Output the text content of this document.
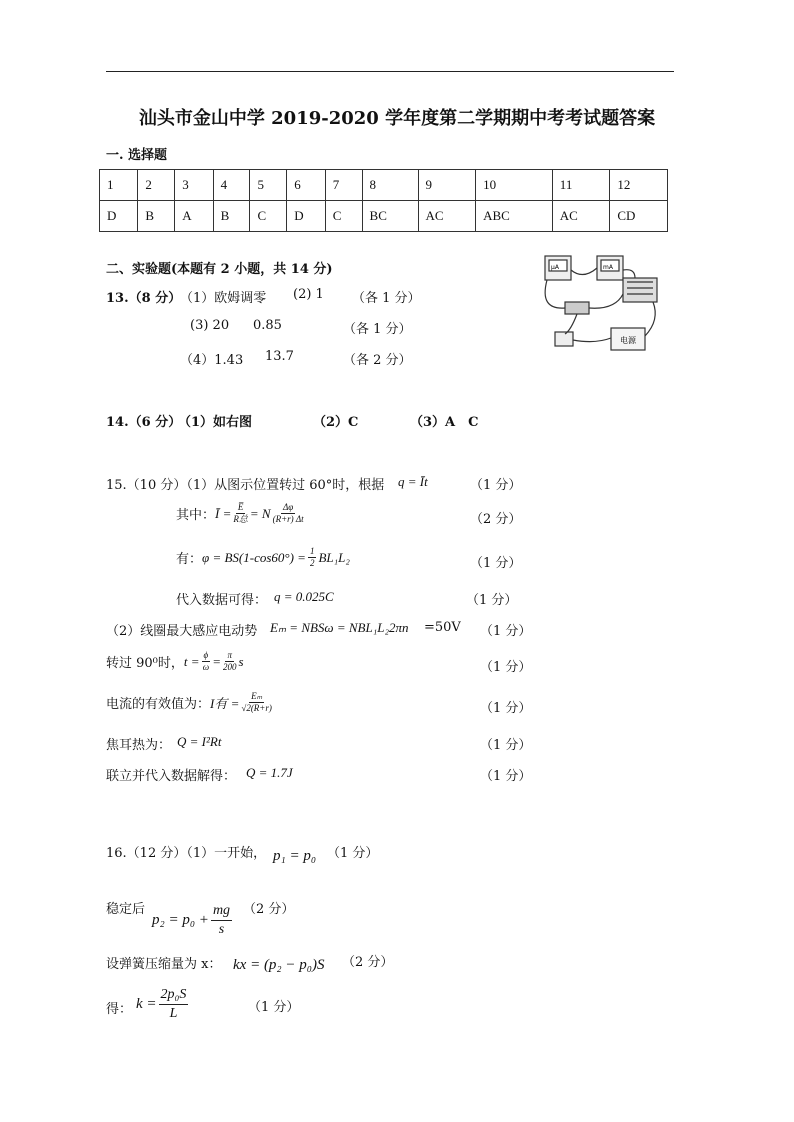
汕头市金山中学 2019-2020 学年度第二学期期中考考试题答案
一. 选择题
1	2	3	4	5	6	7	8	9	10	11	12
D	B	A	B	C	D	C	BC	AC	ABC	AC	CD
二、实验题(本题有 2 小题，共 14 分)
13.（8 分）
（1）欧姆调零 (2) 1 （各 1 分）
(3) 20 0.85	（各 1 分）
（4）1.43 13.7	（各 2 分）
μA	mA
电源
14.（6 分）
（1）如右图	（2）C	（3）A　C
15.（10 分）（1）从图示位置转过 60°时，根据 q = Īt	（1 分）
其中： Ī = $\frac{E̅}{\text{R总}} = N \frac{\Delta\varphi}{(R+r) \Delta t}$	（2 分）
有： $\varphi = BS(1-\cos 60^\circ) = \frac{1}{2} BL_1L_2$	（1 分）
代入数据可得： q = 0.025C	（1 分）
（2）线圈最大感应电动势 Eₘ = NBSω = NBL₁L₂2πn =50V （1 分）
转过 90⁰时， $t = \frac{\phi}{\omega} = \frac{\pi}{200}$ s	（1 分）
电流的有效值为： I有 = $\frac{\text{Eₘ}}{√2(R+r)}$	（1 分）
焦耳热为： Q = I²Rt	（1 分）
联立并代入数据解得： Q = 1.7J	（1 分）
16.（12 分）（1）一开始， p₁ = p₀ （1 分）
稳定后
$p_2 = p_0 + \frac{mg}{s} (2$ 分）
设弹簧压缩量为 x： kx = (p₂ − p₀)S （2 分）
得： $k = \frac{\text{2p₀S}}{L}$	（1 分）
